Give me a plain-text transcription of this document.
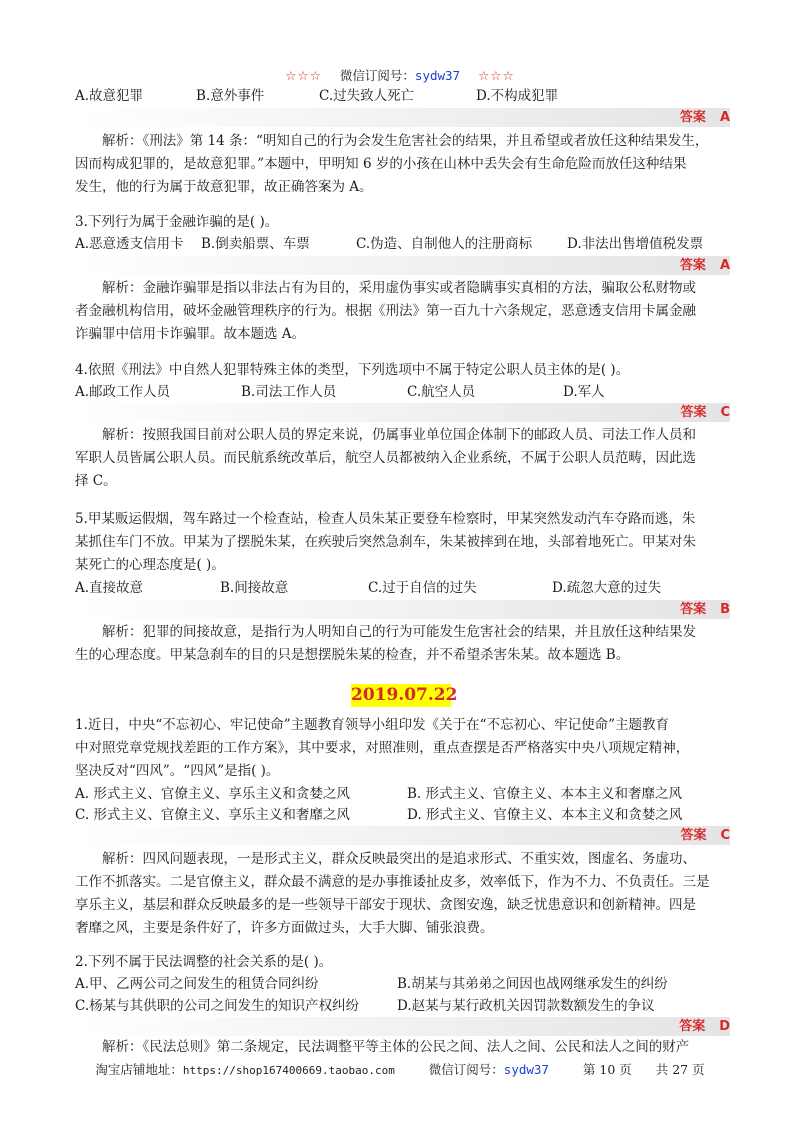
☆☆☆ 微信订阅号：sydw37 ☆☆☆
A.故意犯罪	B.意外事件	C.过失致人死亡	D.不构成犯罪
答案 A
解析：《刑法》第 14 条：“明知自己的行为会发生危害社会的结果，并且希望或者放任这种结果发生，
因而构成犯罪的，是故意犯罪。”本题中，甲明知 6 岁的小孩在山林中丢失会有生命危险而放任这种结果
发生，他的行为属于故意犯罪，故正确答案为 A。
3.下列行为属于金融诈骗的是( )。
A.恶意透支信用卡 B.倒卖船票、车票	C.伪造、自制他人的注册商标	D.非法出售增值税发票
答案 A
解析：金融诈骗罪是指以非法占有为目的，采用虚伪事实或者隐瞒事实真相的方法，骗取公私财物或
者金融机构信用，破坏金融管理秩序的行为。根据《刑法》第一百九十六条规定，恶意透支信用卡属金融
诈骗罪中信用卡诈骗罪。故本题选 A。
4.依照《刑法》中自然人犯罪特殊主体的类型，下列选项中不属于特定公职人员主体的是( )。
A.邮政工作人员	B.司法工作人员	C.航空人员	D.军人
答案 C
解析：按照我国目前对公职人员的界定来说，仍属事业单位国企体制下的邮政人员、司法工作人员和
军职人员皆属公职人员。而民航系统改革后，航空人员都被纳入企业系统，不属于公职人员范畴，因此选
择 C。
5.甲某贩运假烟，驾车路过一个检查站，检查人员朱某正要登车检察时，甲某突然发动汽车夺路而逃，朱
某抓住车门不放。甲某为了摆脱朱某，在疾驶后突然急刹车，朱某被摔到在地，头部着地死亡。甲某对朱
某死亡的心理态度是( )。
A.直接故意	B.间接故意	C.过于自信的过失	D.疏忽大意的过失
答案 B
解析：犯罪的间接故意，是指行为人明知自己的行为可能发生危害社会的结果，并且放任这种结果发
生的心理态度。甲某急刹车的目的只是想摆脱朱某的检查，并不希望杀害朱某。故本题选 B。
2019.07.22
1.近日，中央“不忘初心、牢记使命”主题教育领导小组印发《关于在“不忘初心、牢记使命”主题教育
中对照党章党规找差距的工作方案》，其中要求，对照准则，重点查摆是否严格落实中央八项规定精神，
坚决反对“四风”。“四风”是指( )。
A. 形式主义、官僚主义、享乐主义和贪婪之风	B. 形式主义、官僚主义、本本主义和奢靡之风
C. 形式主义、官僚主义、享乐主义和奢靡之风	D. 形式主义、官僚主义、本本主义和贪婪之风
答案 C
解析：四风问题表现，一是形式主义，群众反映最突出的是追求形式、不重实效，图虚名、务虚功、
工作不抓落实。二是官僚主义，群众最不满意的是办事推诿扯皮多，效率低下，作为不力、不负责任。三是
享乐主义，基层和群众反映最多的是一些领导干部安于现状、贪图安逸，缺乏忧患意识和创新精神。四是
奢靡之风，主要是条件好了，许多方面做过头，大手大脚、铺张浪费。
2.下列不属于民法调整的社会关系的是( )。
A.甲、乙两公司之间发生的租赁合同纠纷	B.胡某与其弟弟之间因也战网继承发生的纠纷
C.杨某与其供职的公司之间发生的知识产权纠纷	D.赵某与某行政机关因罚款数额发生的争议
答案 D
解析：《民法总则》第二条规定，民法调整平等主体的公民之间、法人之间、公民和法人之间的财产
淘宝店铺地址：https://shop167400669.taobao.com	微信订阅号：sydw37	第 10 页 共 27 页
